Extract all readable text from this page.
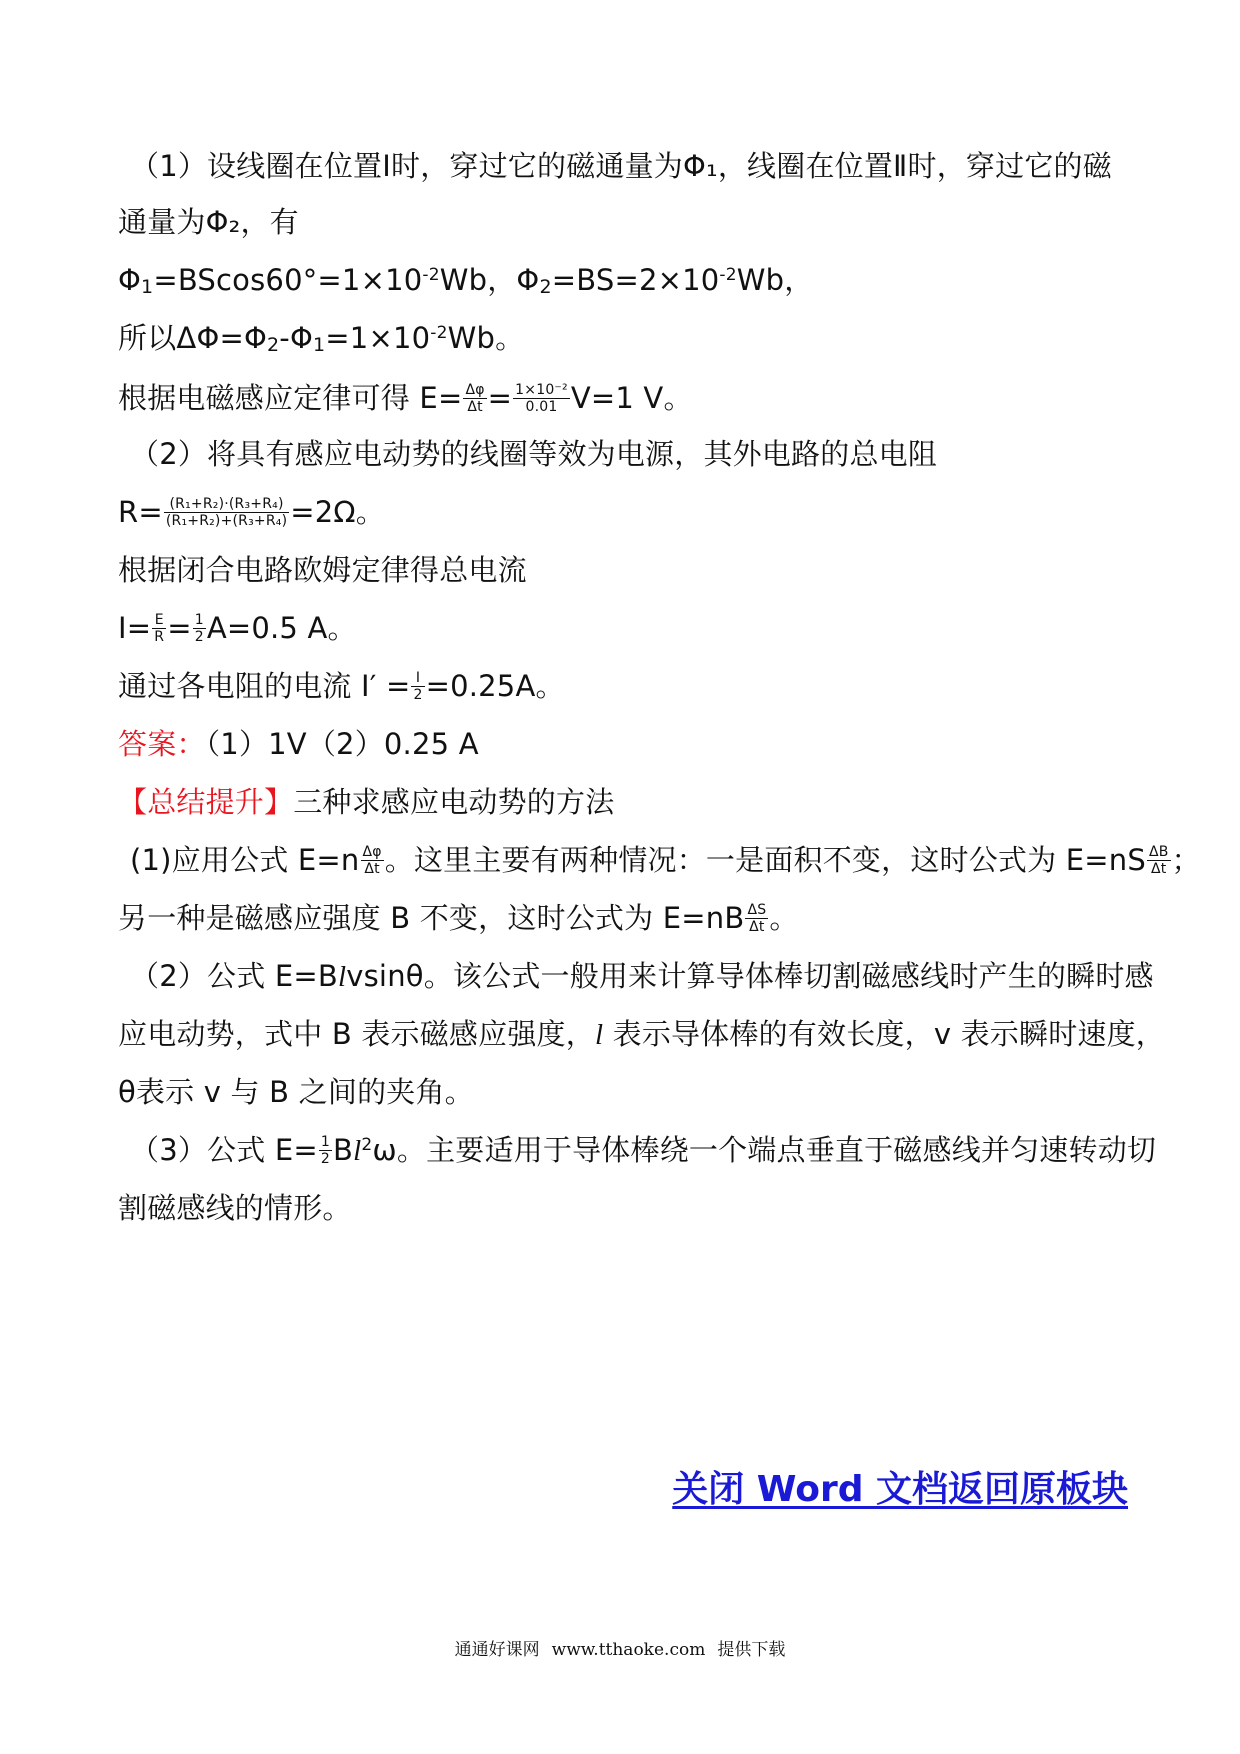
（1）设线圈在位置Ⅰ时，穿过它的磁通量为Φ₁，线圈在位置Ⅱ时，穿过它的磁
通量为Φ₂，有
$\Phi_1=BScos60^\circ=1\times 10^{-2}Wb$，$\Phi_2=BS=2\times 10^{-2}Wb$，
所以$\Delta\Phi=\Phi_2-\Phi_1=1\times 10^{-2}Wb$。
根据电磁感应定律可得 $E= \frac{\Delta\varphi}{\Delta t} = \frac{\text{1×10⁻²}}{0.01} V=1$ V。
（2）将具有感应电动势的线圈等效为电源，其外电路的总电阻
$R= \frac{\text{(R₁+R₂)·(R₃+R₄)}}{\text{(R₁+R₂)+(R₃+R₄)}} =2\Omega$。
根据闭合电路欧姆定律得总电流
$I= \frac{E}{R} = \frac{1}{2} A=0.5$ A。
通过各电阻的电流 $I' = \frac{I}{2} =0.25A$。
答案：（1）1V（2）0.25 A
【总结提升】三种求感应电动势的方法
(1)应用公式 $E=n \frac{\Delta\varphi}{\Delta t}$ 。这里主要有两种情况：一是面积不变，这时公式为 $E=nS \frac{\Delta B}{\Delta t}$ ；
另一种是磁感应强度 B 不变，这时公式为 $E=nB \frac{\Delta S}{\Delta t}$ 。
（2）公式 E=Blvsinθ。该公式一般用来计算导体棒切割磁感线时产生的瞬时感
应电动势，式中 B 表示磁感应强度，l 表示导体棒的有效长度，v 表示瞬时速度，
θ表示 v 与 B 之间的夹角。
（3）公式 $E= \frac{1}{2} Bl^2\omega$。主要适用于导体棒绕一个端点垂直于磁感线并匀速转动切
割磁感线的情形。
关闭 Word 文档返回原板块
通通好课网 www.tthaoke.com 提供下载
